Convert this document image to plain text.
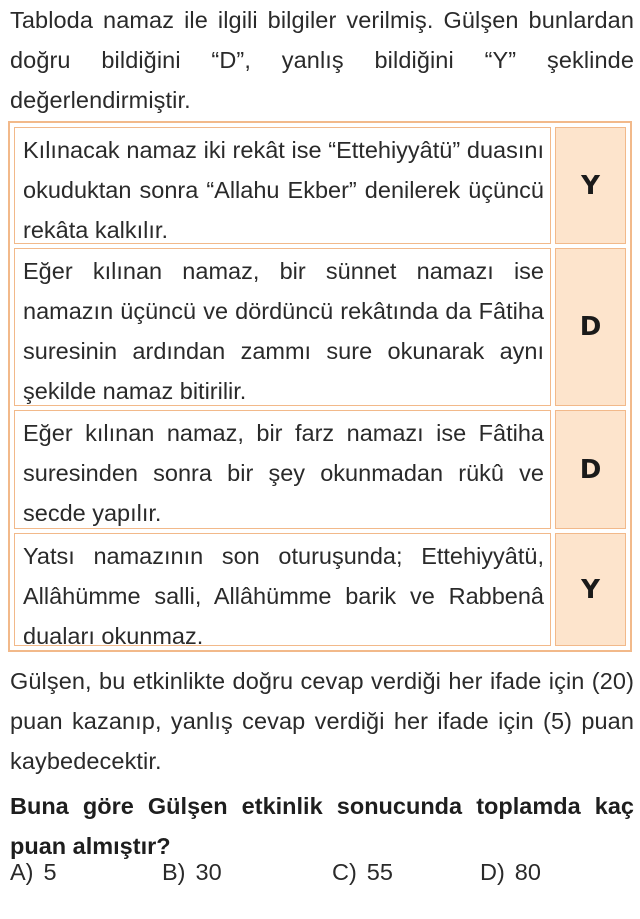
Tabloda namaz ile ilgili bilgiler verilmiş. Gülşen bunlardan doğru bildiğini “D”, yanlış bildiğini “Y” şeklinde değerlendirmiştir.
Kılınacak namaz iki rekât ise “Ettehiyyâtü” duasını okuduktan sonra “Allahu Ekber” denilerek üçüncü rekâta kalkılır.
Y
Eğer kılınan namaz, bir sünnet namazı ise namazın üçüncü ve dördüncü rekâtında da Fâtiha suresinin ardından zammı sure okunarak aynı şekilde namaz bitirilir.
D
Eğer kılınan namaz, bir farz namazı ise Fâtiha suresinden sonra bir şey okunmadan rükû ve secde yapılır.
D
Yatsı namazının son oturuşunda; Ettehiyyâtü, Allâhümme salli, Allâhümme barik ve Rabbenâ duaları okunmaz.
Y
Gülşen, bu etkinlikte doğru cevap verdiği her ifade için (20) puan kazanıp, yanlış cevap verdiği her ifade için (5) puan kaybedecektir.
Buna göre Gülşen etkinlik sonucunda toplamda kaç puan almıştır?
A) 5	B) 30	C) 55	D) 80
